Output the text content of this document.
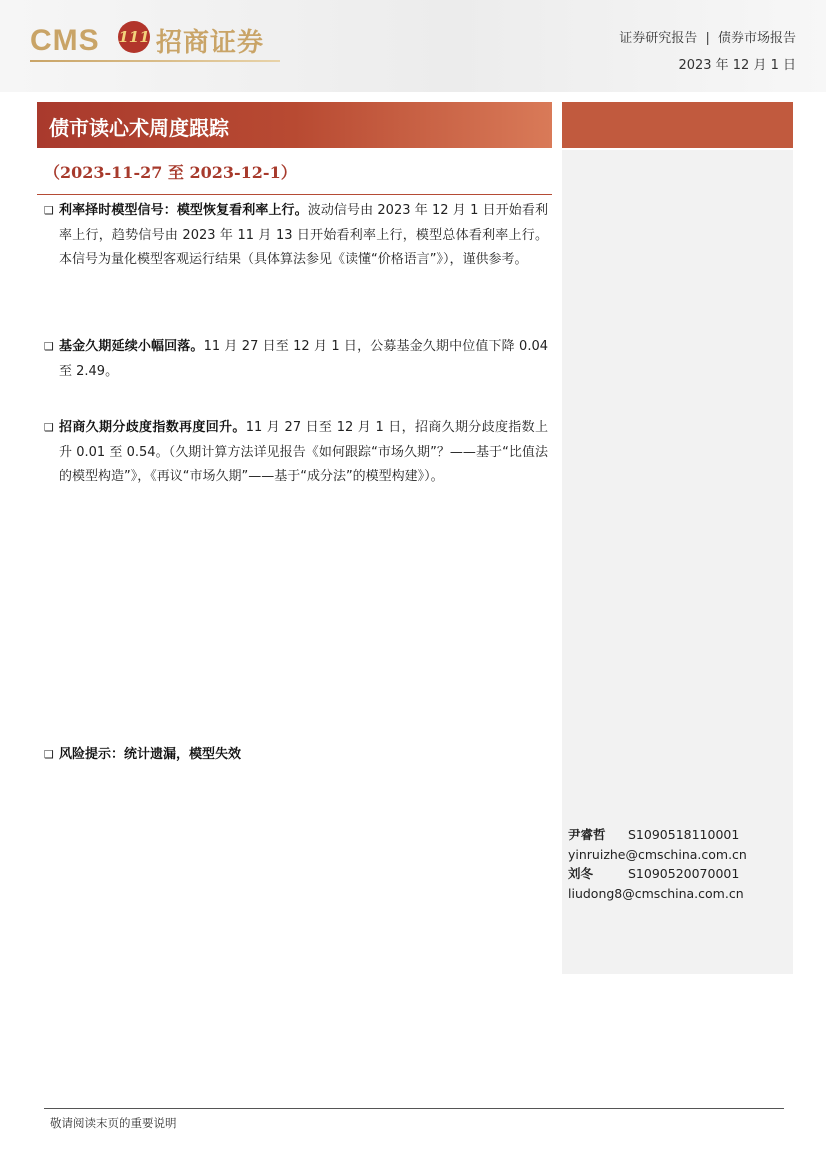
CMS 111 招商证券	证券研究报告 | 债券市场报告
2023 年 12 月 1 日
债市读心术周度跟踪
（2023-11-27 至 2023-12-1）
❑ 利率择时模型信号：模型恢复看利率上行。波动信号由 2023 年 12 月 1 日开始看利率上行，趋势信号由 2023 年 11 月 13 日开始看利率上行，模型总体看利率上行。本信号为量化模型客观运行结果（具体算法参见《读懂“价格语言”》），谨供参考。
❑ 基金久期延续小幅回落。11 月 27 日至 12 月 1 日，公募基金久期中位值下降 0.04 至 2.49。
❑ 招商久期分歧度指数再度回升。11 月 27 日至 12 月 1 日，招商久期分歧度指数上升 0.01 至 0.54。（久期计算方法详见报告《如何跟踪“市场久期”？——基于“比值法的模型构造”》，《再议“市场久期”——基于“成分法”的模型构建》）。
❑ 风险提示：统计遗漏，模型失效
尹睿哲 S1090518110001
yinruizhe@cmschina.com.cn
刘冬	S1090520070001
liudong8@cmschina.com.cn
敬请阅读末页的重要说明
